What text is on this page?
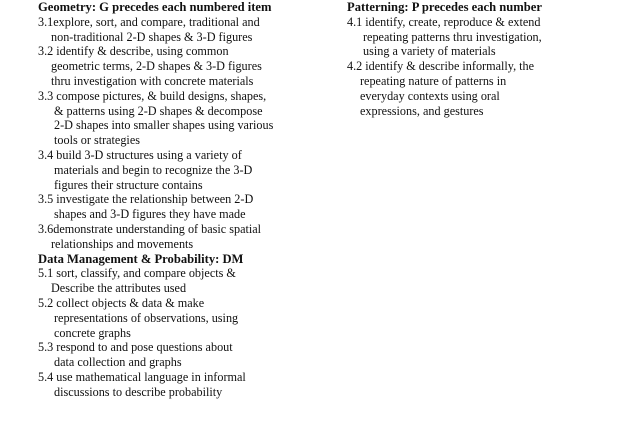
Geometry: G precedes each numbered item
3.1explore, sort, and compare, traditional and
non-traditional 2-D shapes & 3-D figures
3.2 identify & describe, using common
geometric terms, 2-D shapes & 3-D figures
thru investigation with concrete materials
3.3 compose pictures, & build designs, shapes,
& patterns using 2-D shapes & decompose
2-D shapes into smaller shapes using various
tools or strategies
3.4 build 3-D structures using a variety of
materials and begin to recognize the 3-D
figures their structure contains
3.5 investigate the relationship between 2-D
shapes and 3-D figures they have made
3.6demonstrate understanding of basic spatial
relationships and movements
Data Management & Probability: DM
5.1 sort, classify, and compare objects &
Describe the attributes used
5.2 collect objects & data & make
representations of observations, using
concrete graphs
5.3 respond to and pose questions about
data collection and graphs
5.4 use mathematical language in informal
discussions to describe probability
Patterning: P precedes each number
4.1 identify, create, reproduce & extend
repeating patterns thru investigation,
using a variety of materials
4.2 identify & describe informally, the
repeating nature of patterns in
everyday contexts using oral
expressions, and gestures
